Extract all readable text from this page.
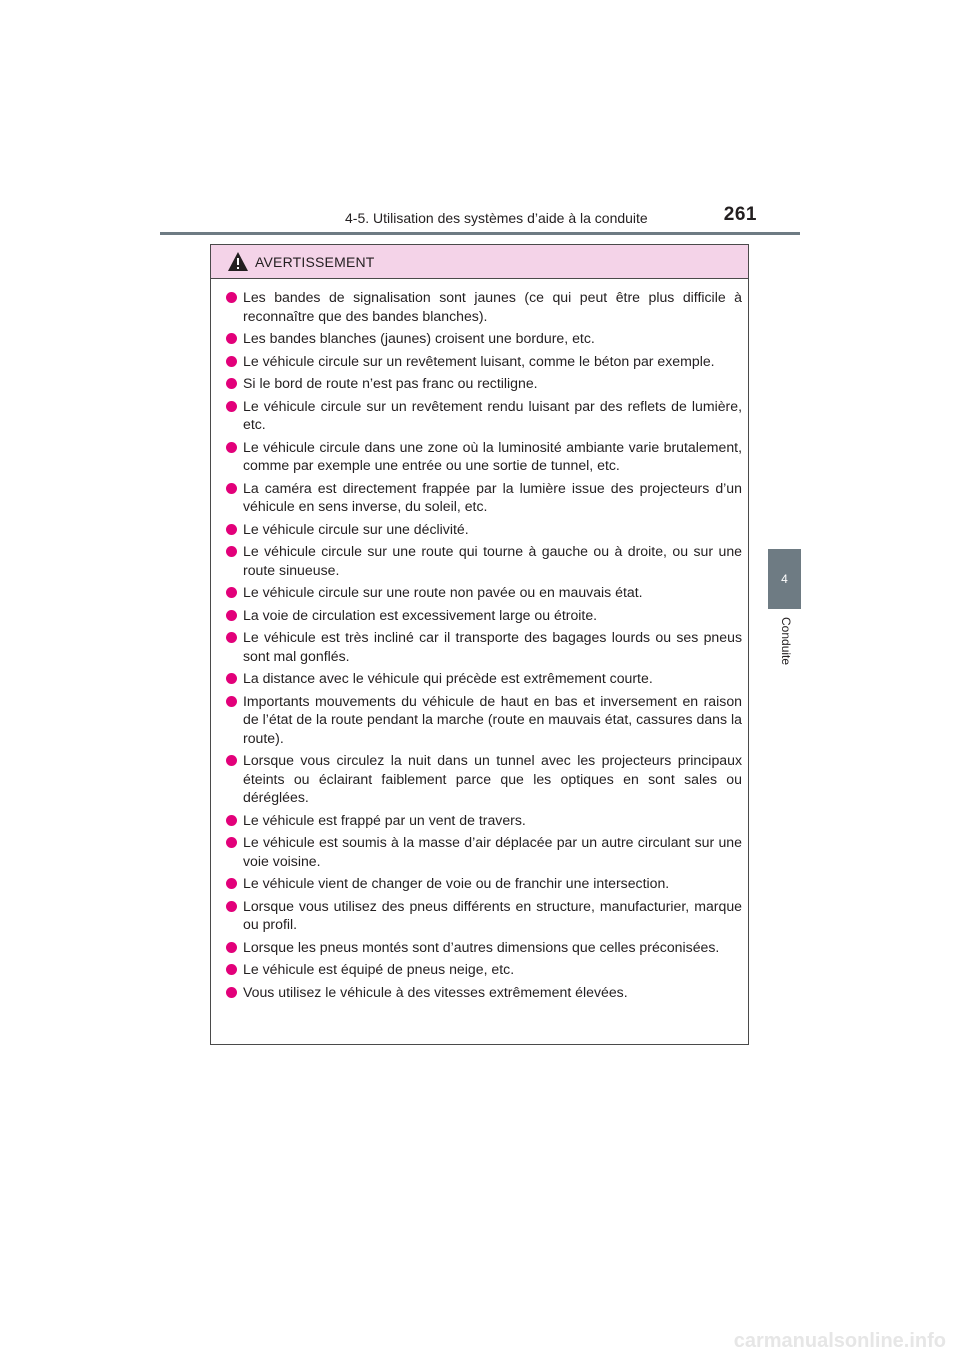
4-5. Utilisation des systèmes d’aide à la conduite	261
4
Conduite
AVERTISSEMENT
Les bandes de signalisation sont jaunes (ce qui peut être plus difficile à reconnaître que des bandes blanches).
Les bandes blanches (jaunes) croisent une bordure, etc.
Le véhicule circule sur un revêtement luisant, comme le béton par exemple.
Si le bord de route n’est pas franc ou rectiligne.
Le véhicule circule sur un revêtement rendu luisant par des reflets de lumière, etc.
Le véhicule circule dans une zone où la luminosité ambiante varie brutalement, comme par exemple une entrée ou une sortie de tunnel, etc.
La caméra est directement frappée par la lumière issue des projecteurs d’un véhicule en sens inverse, du soleil, etc.
Le véhicule circule sur une déclivité.
Le véhicule circule sur une route qui tourne à gauche ou à droite, ou sur une route sinueuse.
Le véhicule circule sur une route non pavée ou en mauvais état.
La voie de circulation est excessivement large ou étroite.
Le véhicule est très incliné car il transporte des bagages lourds ou ses pneus sont mal gonflés.
La distance avec le véhicule qui précède est extrêmement courte.
Importants mouvements du véhicule de haut en bas et inversement en raison de l’état de la route pendant la marche (route en mauvais état, cassures dans la route).
Lorsque vous circulez la nuit dans un tunnel avec les projecteurs principaux éteints ou éclairant faiblement parce que les optiques en sont sales ou déréglées.
Le véhicule est frappé par un vent de travers.
Le véhicule est soumis à la masse d’air déplacée par un autre circulant sur une voie voisine.
Le véhicule vient de changer de voie ou de franchir une intersection.
Lorsque vous utilisez des pneus différents en structure, manufacturier, marque ou profil.
Lorsque les pneus montés sont d’autres dimensions que celles préconisées.
Le véhicule est équipé de pneus neige, etc.
Vous utilisez le véhicule à des vitesses extrêmement élevées.
carmanualsonline.info
